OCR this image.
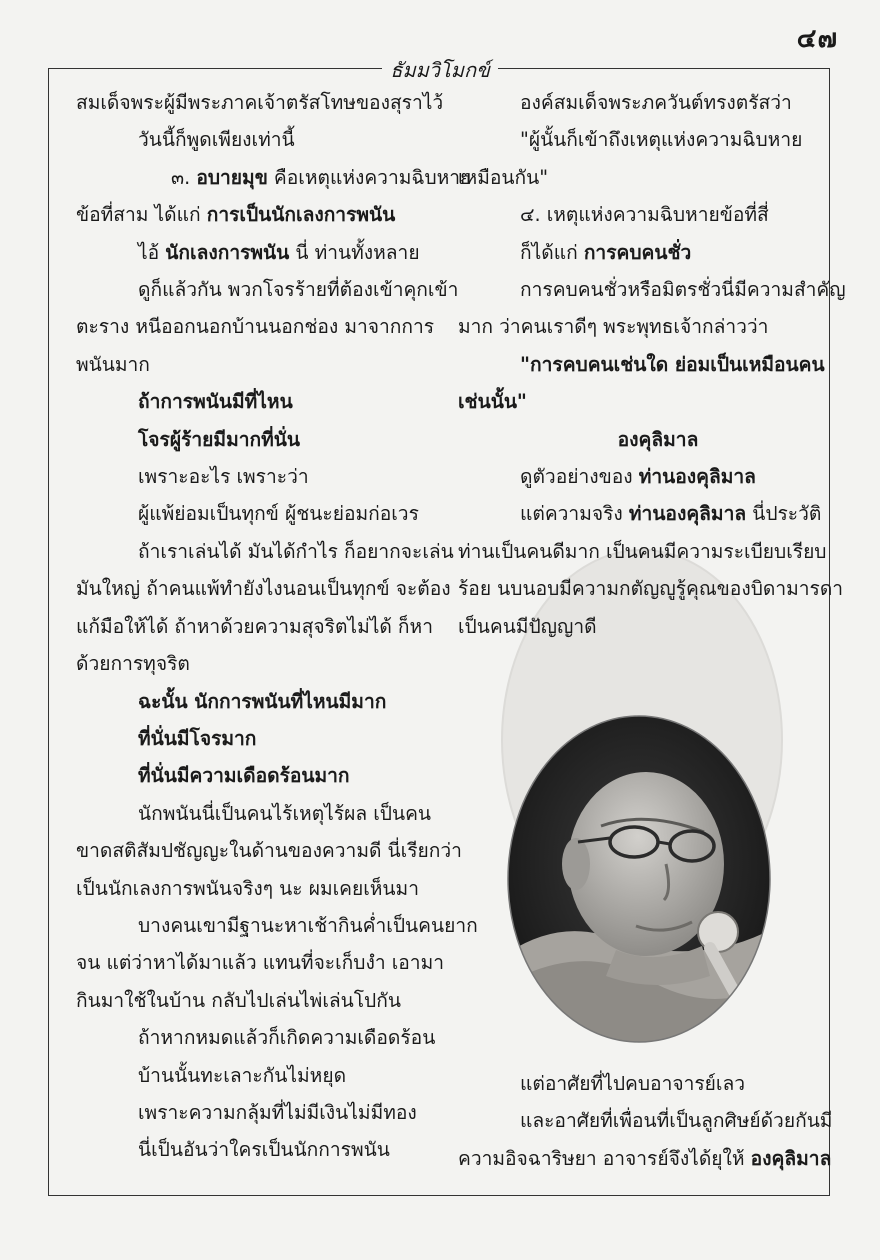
๔๗
ธัมมวิโมกข์
สมเด็จพระผู้มีพระภาคเจ้าตรัสโทษของสุราไว้
วันนี้ก็พูดเพียงเท่านี้
๓. อบายมุข คือเหตุแห่งความฉิบหาย
ข้อที่สาม ได้แก่ การเป็นนักเลงการพนัน
ไอ้ นักเลงการพนัน นี่ ท่านทั้งหลาย
ดูก็แล้วกัน พวกโจรร้ายที่ต้องเข้าคุกเข้า
ตะราง หนีออกนอกบ้านนอกช่อง มาจากการ
พนันมาก
ถ้าการพนันมีที่ไหน
โจรผู้ร้ายมีมากที่นั่น
เพราะอะไร เพราะว่า
ผู้แพ้ย่อมเป็นทุกข์ ผู้ชนะย่อมก่อเวร
ถ้าเราเล่นได้ มันได้กำไร ก็อยากจะเล่น
มันใหญ่ ถ้าคนแพ้ทำยังไงนอนเป็นทุกข์ จะต้อง
แก้มือให้ได้ ถ้าหาด้วยความสุจริตไม่ได้ ก็หา
ด้วยการทุจริต
ฉะนั้น นักการพนันที่ไหนมีมาก
ที่นั่นมีโจรมาก
ที่นั่นมีความเดือดร้อนมาก
นักพนันนี่เป็นคนไร้เหตุไร้ผล เป็นคน
ขาดสติสัมปชัญญะในด้านของความดี นี่เรียกว่า
เป็นนักเลงการพนันจริงๆ นะ ผมเคยเห็นมา
บางคนเขามีฐานะหาเช้ากินค่ำเป็นคนยาก
จน แต่ว่าหาได้มาแล้ว แทนที่จะเก็บงำ เอามา
กินมาใช้ในบ้าน กลับไปเล่นไพ่เล่นโปกัน
ถ้าหากหมดแล้วก็เกิดความเดือดร้อน
บ้านนั้นทะเลาะกันไม่หยุด
เพราะความกลุ้มที่ไม่มีเงินไม่มีทอง
นี่เป็นอันว่าใครเป็นนักการพนัน
องค์สมเด็จพระภควันต์ทรงตรัสว่า
"ผู้นั้นก็เข้าถึงเหตุแห่งความฉิบหาย
เหมือนกัน"
๔. เหตุแห่งความฉิบหายข้อที่สี่
ก็ได้แก่ การคบคนชั่ว
การคบคนชั่วหรือมิตรชั่วนี่มีความสำคัญ
มาก ว่าคนเราดีๆ พระพุทธเจ้ากล่าวว่า
"การคบคนเช่นใด ย่อมเป็นเหมือนคน
เช่นนั้น"
องคุลิมาล
ดูตัวอย่างของ ท่านองคุลิมาล
แต่ความจริง ท่านองคุลิมาล นี่ประวัติ
ท่านเป็นคนดีมาก เป็นคนมีความระเบียบเรียบ
ร้อย นบนอบมีความกตัญญูรู้คุณของบิดามารดา
เป็นคนมีปัญญาดี
แต่อาศัยที่ไปคบอาจารย์เลว
และอาศัยที่เพื่อนที่เป็นลูกศิษย์ด้วยกันมี
ความอิจฉาริษยา อาจารย์จึงได้ยุให้ องคุลิมาล
